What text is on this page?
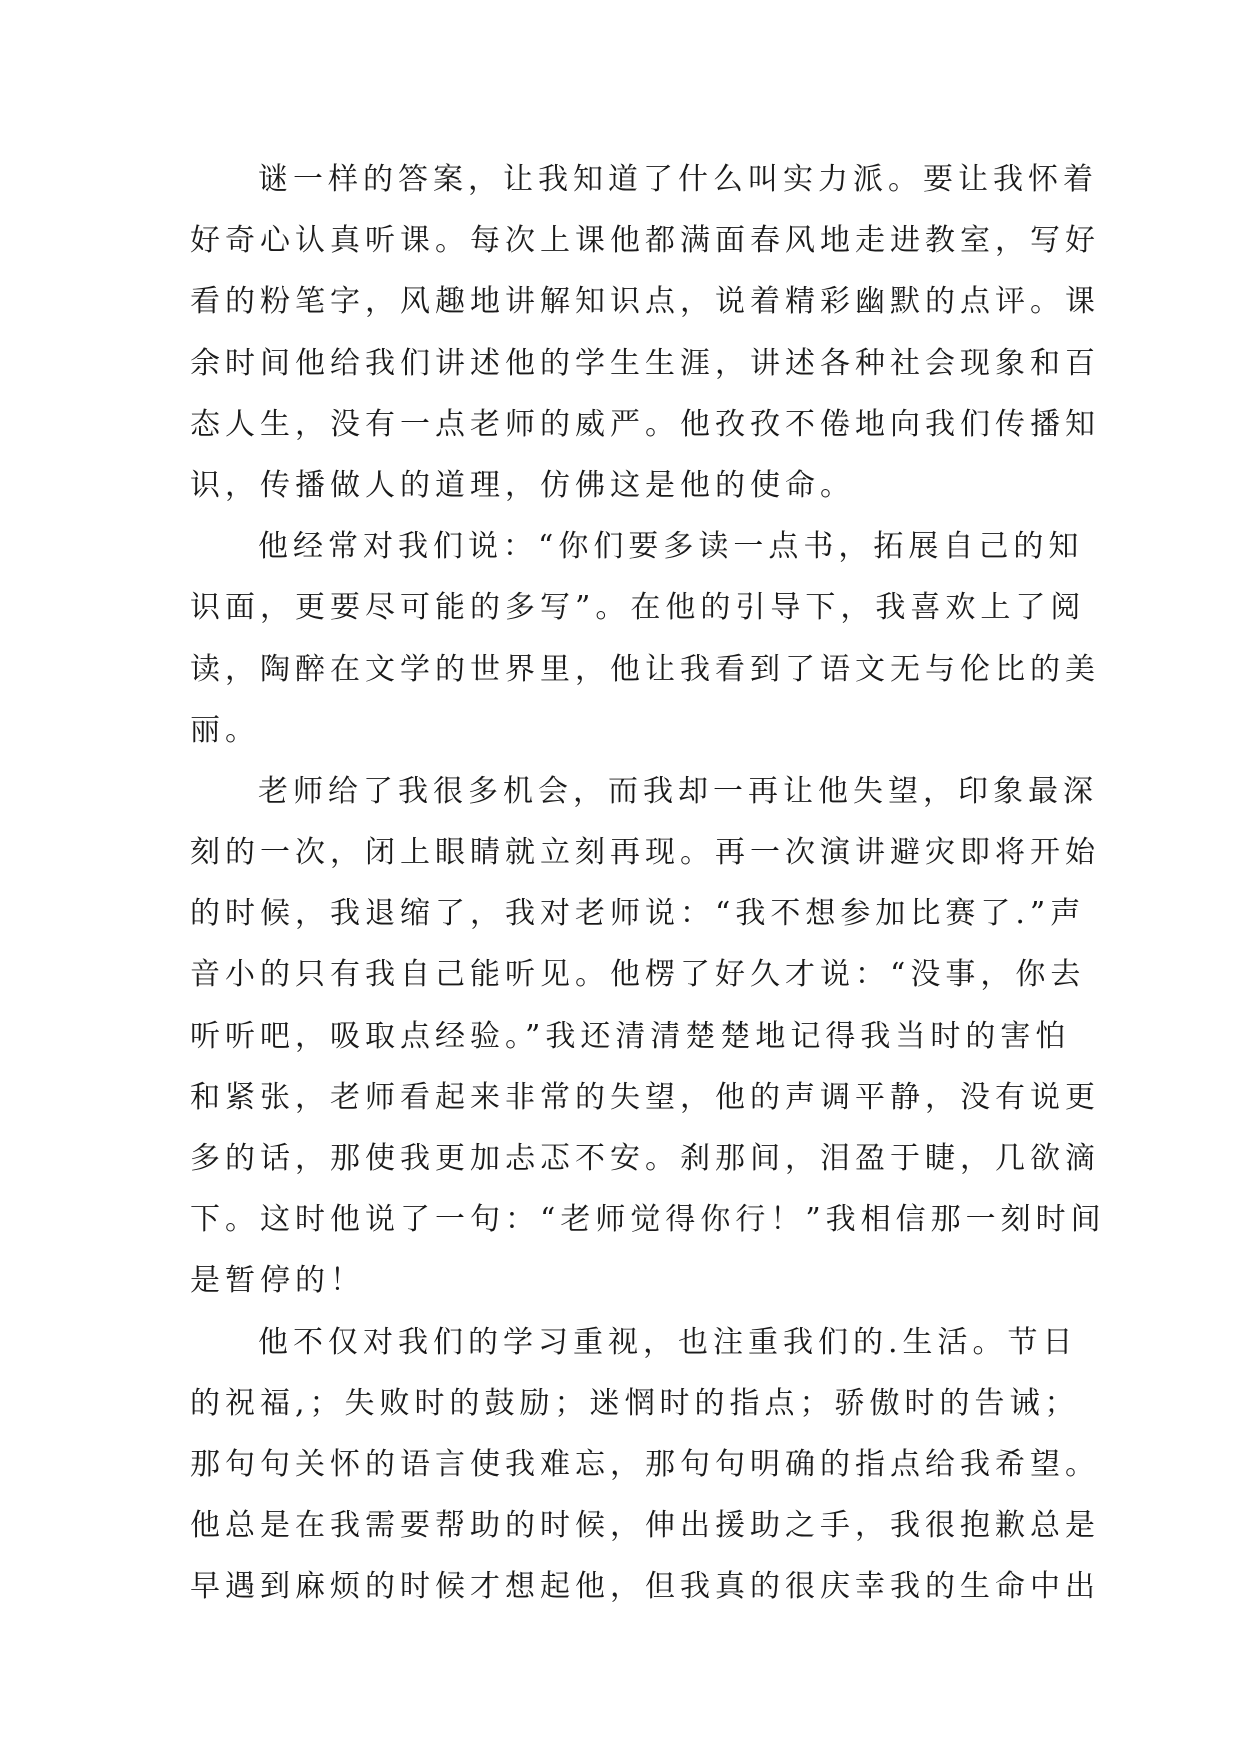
谜一样的答案，让我知道了什么叫实力派。要让我怀着
好奇心认真听课。每次上课他都满面春风地走进教室，写好
看的粉笔字，风趣地讲解知识点，说着精彩幽默的点评。课
余时间他给我们讲述他的学生生涯，讲述各种社会现象和百
态人生，没有一点老师的威严。他孜孜不倦地向我们传播知
识，传播做人的道理，仿佛这是他的使命。
他经常对我们说：“你们要多读一点书，拓展自己的知
识面，更要尽可能的多写”。在他的引导下，我喜欢上了阅
读，陶醉在文学的世界里，他让我看到了语文无与伦比的美
丽。
老师给了我很多机会，而我却一再让他失望，印象最深
刻的一次，闭上眼睛就立刻再现。再一次演讲避灾即将开始
的时候，我退缩了，我对老师说：“我不想参加比赛了.”声
音小的只有我自己能听见。他楞了好久才说：“没事，你去
听听吧，吸取点经验。”我还清清楚楚地记得我当时的害怕
和紧张，老师看起来非常的失望，他的声调平静，没有说更
多的话，那使我更加忐忑不安。刹那间，泪盈于睫，几欲滴
下。这时他说了一句：“老师觉得你行！”我相信那一刻时间
是暂停的！
他不仅对我们的学习重视，也注重我们的.生活。节日
的祝福,；失败时的鼓励；迷惘时的指点；骄傲时的告诫；
那句句关怀的语言使我难忘，那句句明确的指点给我希望。
他总是在我需要帮助的时候，伸出援助之手，我很抱歉总是
早遇到麻烦的时候才想起他，但我真的很庆幸我的生命中出
